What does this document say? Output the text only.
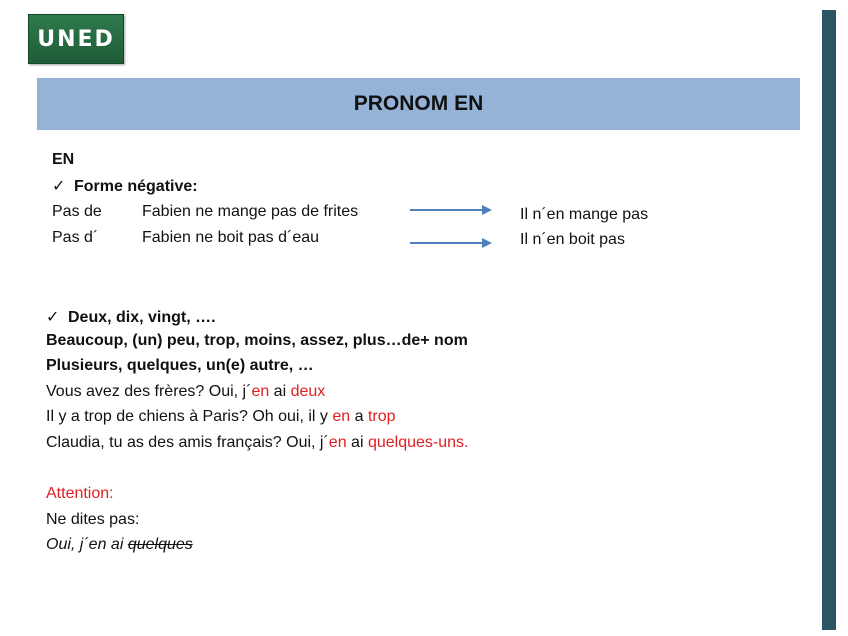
UNED
PRONOM EN
EN
✓ Forme négative:
Pas de	Fabien ne mange pas de frites	Il n´en mange pas
Pas d´	Fabien ne boit pas d´eau	Il n´en boit pas
✓ Deux, dix, vingt, ….
Beaucoup, (un) peu, trop, moins, assez, plus…de+ nom
Plusieurs, quelques, un(e) autre, …
Vous avez des frères? Oui, j´en ai deux
Il y a trop de chiens à Paris? Oh oui, il y en a trop
Claudia, tu as des amis français? Oui, j´en ai quelques-uns.
Attention:
Ne dites pas:
Oui, j´en ai quelques
